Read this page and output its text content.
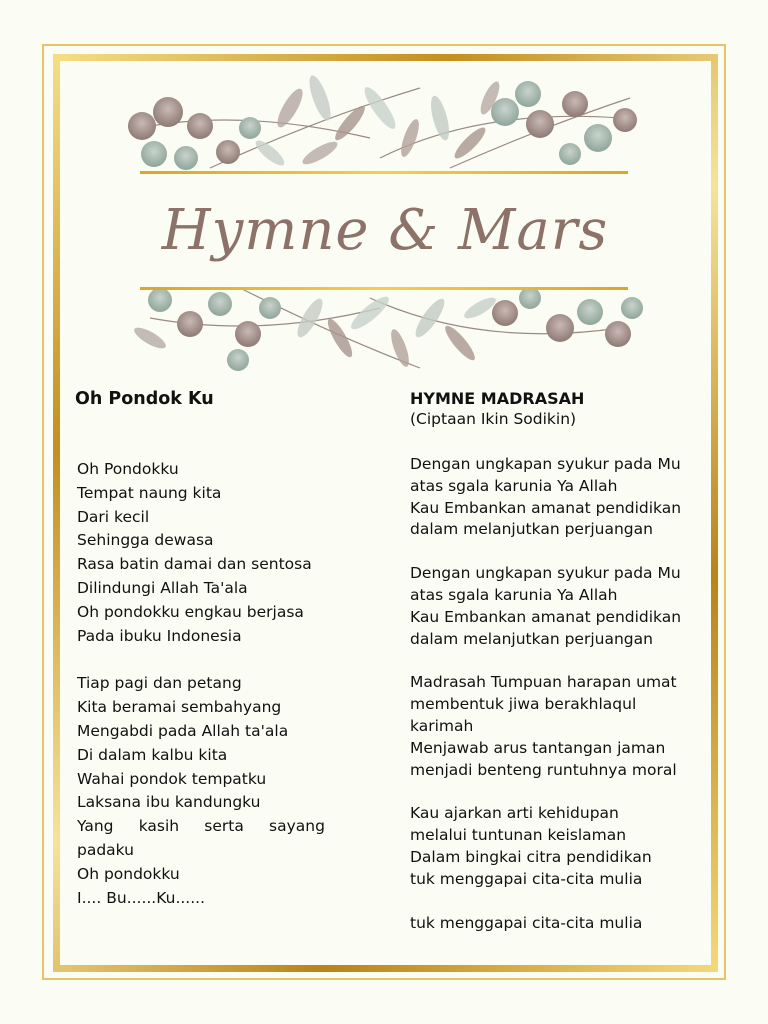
Hymne & Mars
Oh Pondok Ku
Oh Pondokku
Tempat naung kita
Dari kecil
Sehingga dewasa
Rasa batin damai dan sentosa
Dilindungi Allah Ta'ala
Oh pondokku engkau berjasa
Pada ibuku Indonesia
Tiap pagi dan petang
Kita beramai sembahyang
Mengabdi pada Allah ta'ala
Di dalam kalbu kita
Wahai pondok tempatku
Laksana ibu kandungku
Yang kasih serta sayang
padaku
Oh pondokku
I.... Bu......Ku......
HYMNE MADRASAH
(Ciptaan Ikin Sodikin)
Dengan ungkapan syukur pada Mu
atas sgala karunia Ya Allah
Kau Embankan amanat pendidikan
dalam melanjutkan perjuangan
Dengan ungkapan syukur pada Mu
atas sgala karunia Ya Allah
Kau Embankan amanat pendidikan
dalam melanjutkan perjuangan
Madrasah Tumpuan harapan umat
membentuk jiwa berakhlaqul
karimah
Menjawab arus tantangan jaman
menjadi benteng runtuhnya moral
Kau ajarkan arti kehidupan
melalui tuntunan keislaman
Dalam bingkai citra pendidikan
tuk menggapai cita-cita mulia
tuk menggapai cita-cita mulia
